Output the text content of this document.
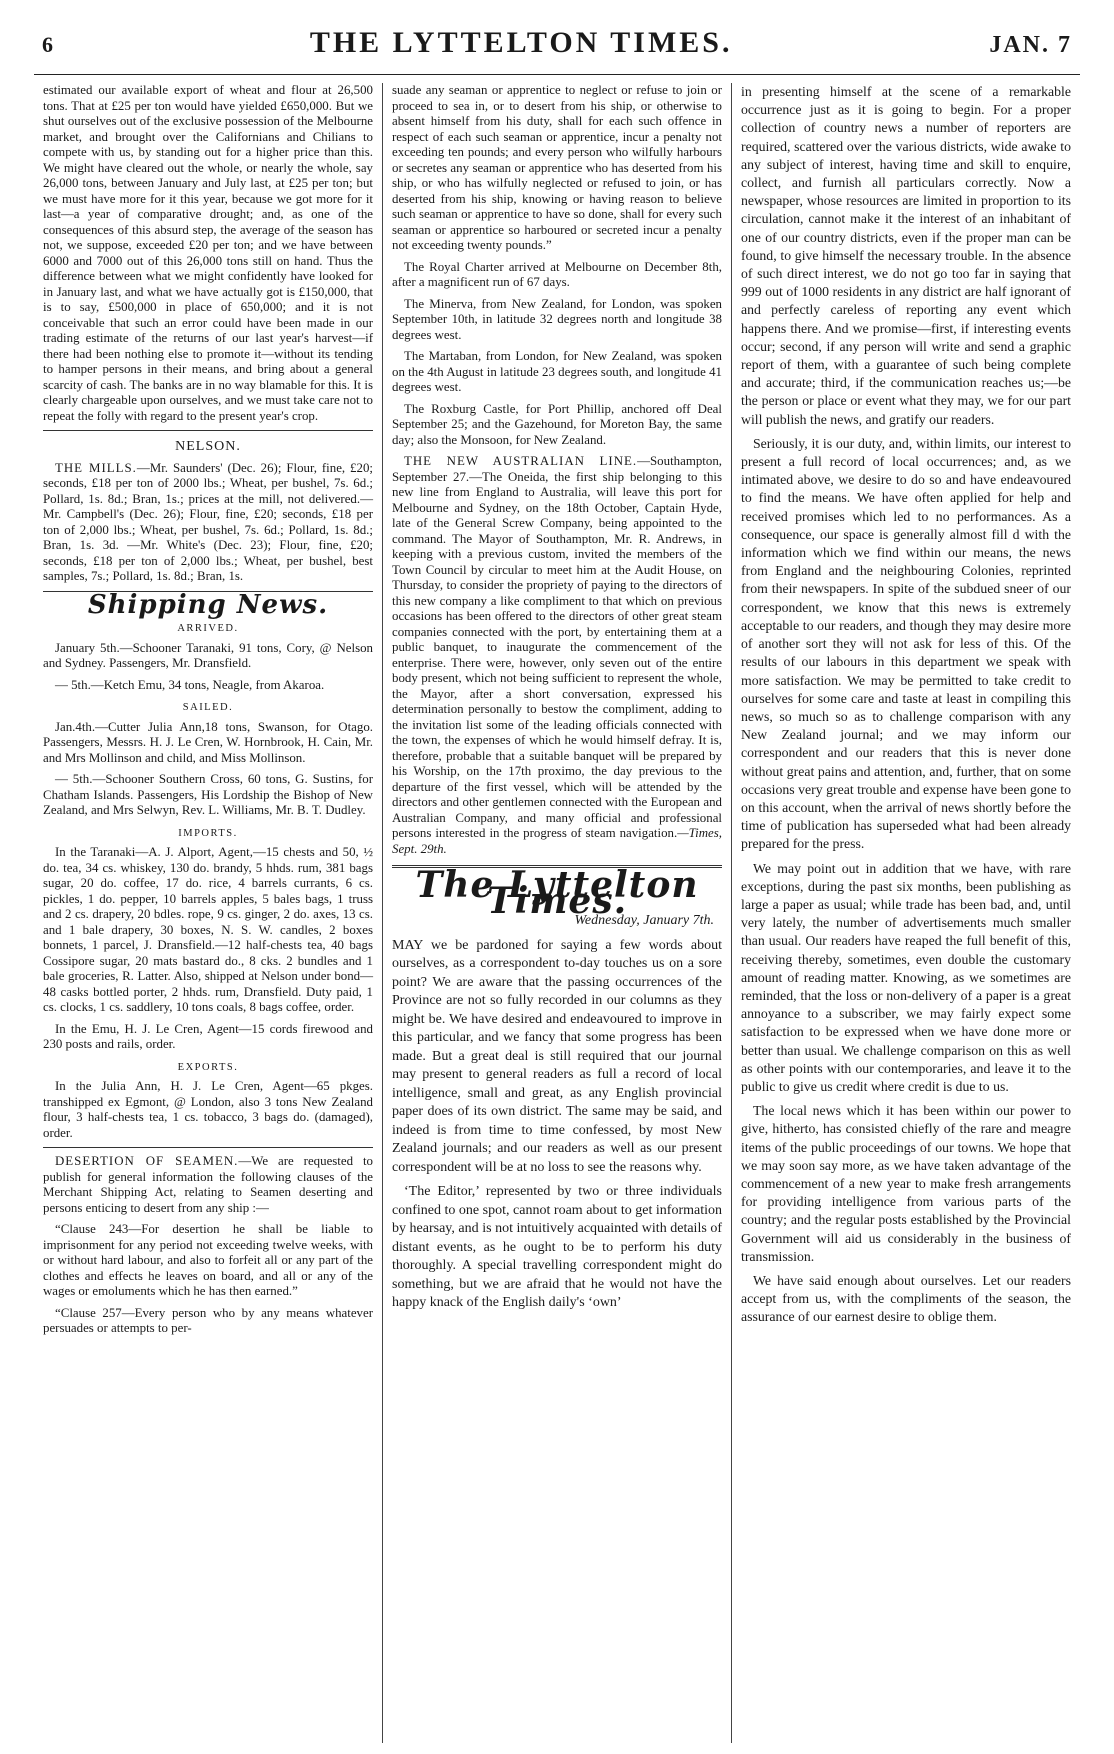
6	THE LYTTELTON TIMES.	JAN. 7

estimated our available export of wheat and flour at 26,500 tons. That at £25 per ton would have yielded £650,000. But we shut ourselves out of the exclusive possession of the Melbourne market, and brought over the Californians and Chilians to compete with us, by standing out for a higher price than this. We might have cleared out the whole, or nearly the whole, say 26,000 tons, between January and July last, at £25 per ton; but we must have more for it this year, because we got more for it last—a year of comparative drought; and, as one of the consequences of this absurd step, the average of the season has not, we suppose, exceeded £20 per ton; and we have between 6000 and 7000 out of this 26,000 tons still on hand. Thus the difference between what we might confidently have looked for in January last, and what we have actually got is £150,000, that is to say, £500,000 in place of 650,000; and it is not conceivable that such an error could have been made in our trading estimate of the returns of our last year's harvest—if there had been nothing else to promote it—without its tending to hamper persons in their means, and bring about a general scarcity of cash. The banks are in no way blamable for this. It is clearly chargeable upon ourselves, and we must take care not to repeat the folly with regard to the present year's crop.

NELSON.

THE MILLS.—Mr. Saunders' (Dec. 26); Flour, fine, £20; seconds, £18 per ton of 2000 lbs.; Wheat, per bushel, 7s. 6d.; Pollard, 1s. 8d.; Bran, 1s.; prices at the mill, not delivered.—Mr. Campbell's (Dec. 26); Flour, fine, £20; seconds, £18 per ton of 2,000 lbs.; Wheat, per bushel, 7s. 6d.; Pollard, 1s. 8d.; Bran, 1s. 3d. —Mr. White's (Dec. 23); Flour, fine, £20; seconds, £18 per ton of 2,000 lbs.; Wheat, per bushel, best samples, 7s.; Pollard, 1s. 8d.; Bran, 1s.

Shipping News.
ARRIVED.

January 5th.—Schooner Taranaki, 91 tons, Cory, @ Nelson and Sydney. Passengers, Mr. Dransfield.

— 5th.—Ketch Emu, 34 tons, Neagle, from Akaroa.

SAILED.

Jan.4th.—Cutter Julia Ann,18 tons, Swanson, for Otago. Passengers, Messrs. H. J. Le Cren, W. Hornbrook, H. Cain, Mr. and Mrs Mollinson and child, and Miss Mollinson.

— 5th.—Schooner Southern Cross, 60 tons, G. Sustins, for Chatham Islands. Passengers, His Lordship the Bishop of New Zealand, and Mrs Selwyn, Rev. L. Williams, Mr. B. T. Dudley.

IMPORTS.

In the Taranaki—A. J. Alport, Agent,—15 chests and 50, ½ do. tea, 34 cs. whiskey, 130 do. brandy, 5 hhds. rum, 381 bags sugar, 20 do. coffee, 17 do. rice, 4 barrels currants, 6 cs. pickles, 1 do. pepper, 10 barrels apples, 5 bales bags, 1 truss and 2 cs. drapery, 20 bdles. rope, 9 cs. ginger, 2 do. axes, 13 cs. and 1 bale drapery, 30 boxes, N. S. W. candles, 2 boxes bonnets, 1 parcel, J. Dransfield.—12 half-chests tea, 40 bags Cossipore sugar, 20 mats bastard do., 8 cks. 2 bundles and 1 bale groceries, R. Latter. Also, shipped at Nelson under bond—48 casks bottled porter, 2 hhds. rum, Dransfield. Duty paid, 1 cs. clocks, 1 cs. saddlery, 10 tons coals, 8 bags coffee, order.

In the Emu, H. J. Le Cren, Agent—15 cords firewood and 230 posts and rails, order.

EXPORTS.

In the Julia Ann, H. J. Le Cren, Agent—65 pkges. transhipped ex Egmont, @ London, also 3 tons New Zealand flour, 3 half-chests tea, 1 cs. tobacco, 3 bags do. (damaged), order.

DESERTION OF SEAMEN.—We are requested to publish for general information the following clauses of the Merchant Shipping Act, relating to Seamen deserting and persons enticing to desert from any ship :—

“Clause 243—For desertion he shall be liable to imprisonment for any period not exceeding twelve weeks, with or without hard labour, and also to forfeit all or any part of the clothes and effects he leaves on board, and all or any of the wages or emoluments which he has then earned.”

“Clause 257—Every person who by any means whatever persuades or attempts to per-

suade any seaman or apprentice to neglect or refuse to join or proceed to sea in, or to desert from his ship, or otherwise to absent himself from his duty, shall for each such offence in respect of each such seaman or apprentice, incur a penalty not exceeding ten pounds; and every person who wilfully harbours or secretes any seaman or apprentice who has deserted from his ship, or who has wilfully neglected or refused to join, or has deserted from his ship, knowing or having reason to believe such seaman or apprentice to have so done, shall for every such seaman or apprentice so harboured or secreted incur a penalty not exceeding twenty pounds.”

The Royal Charter arrived at Melbourne on December 8th, after a magnificent run of 67 days.

The Minerva, from New Zealand, for London, was spoken September 10th, in latitude 32 degrees north and longitude 38 degrees west.

The Martaban, from London, for New Zealand, was spoken on the 4th August in latitude 23 degrees south, and longitude 41 degrees west.

The Roxburg Castle, for Port Phillip, anchored off Deal September 25; and the Gazehound, for Moreton Bay, the same day; also the Monsoon, for New Zealand.

THE NEW AUSTRALIAN LINE.—Southampton, September 27.—The Oneida, the first ship belonging to this new line from England to Australia, will leave this port for Melbourne and Sydney, on the 18th October, Captain Hyde, late of the General Screw Company, being appointed to the command. The Mayor of Southampton, Mr. R. Andrews, in keeping with a previous custom, invited the members of the Town Council by circular to meet him at the Audit House, on Thursday, to consider the propriety of paying to the directors of this new company a like compliment to that which on previous occasions has been offered to the directors of other great steam companies connected with the port, by entertaining them at a public banquet, to inaugurate the commencement of the enterprise. There were, however, only seven out of the entire body present, which not being sufficient to represent the whole, the Mayor, after a short conversation, expressed his determination personally to bestow the compliment, adding to the invitation list some of the leading officials connected with the town, the expenses of which he would himself defray. It is, therefore, probable that a suitable banquet will be prepared by his Worship, on the 17th proximo, the day previous to the departure of the first vessel, which will be attended by the directors and other gentlemen connected with the European and Australian Company, and many official and professional persons interested in the progress of steam navigation.—Times, Sept. 29th.

The Lyttelton Times.
Wednesday, January 7th.

MAY we be pardoned for saying a few words about ourselves, as a correspondent to-day touches us on a sore point? We are aware that the passing occurrences of the Province are not so fully recorded in our columns as they might be. We have desired and endeavoured to improve in this particular, and we fancy that some progress has been made. But a great deal is still required that our journal may present to general readers as full a record of local intelligence, small and great, as any English provincial paper does of its own district. The same may be said, and indeed is from time to time confessed, by most New Zealand journals; and our readers as well as our present correspondent will be at no loss to see the reasons why.

‘The Editor,’ represented by two or three individuals confined to one spot, cannot roam about to get information by hearsay, and is not intuitively acquainted with details of distant events, as he ought to be to perform his duty thoroughly. A special travelling correspondent might do something, but we are afraid that he would not have the happy knack of the English daily's ‘own’

in presenting himself at the scene of a remarkable occurrence just as it is going to begin. For a proper collection of country news a number of reporters are required, scattered over the various districts, wide awake to any subject of interest, having time and skill to enquire, collect, and furnish all particulars correctly. Now a newspaper, whose resources are limited in proportion to its circulation, cannot make it the interest of an inhabitant of one of our country districts, even if the proper man can be found, to give himself the necessary trouble. In the absence of such direct interest, we do not go too far in saying that 999 out of 1000 residents in any district are half ignorant of and perfectly careless of reporting any event which happens there. And we promise—first, if interesting events occur; second, if any person will write and send a graphic report of them, with a guarantee of such being complete and accurate; third, if the communication reaches us;—be the person or place or event what they may, we for our part will publish the news, and gratify our readers.

Seriously, it is our duty, and, within limits, our interest to present a full record of local occurrences; and, as we intimated above, we desire to do so and have endeavoured to find the means. We have often applied for help and received promises which led to no performances. As a consequence, our space is generally almost fill d with the information which we find within our means, the news from England and the neighbouring Colonies, reprinted from their newspapers. In spite of the subdued sneer of our correspondent, we know that this news is extremely acceptable to our readers, and though they may desire more of another sort they will not ask for less of this. Of the results of our labours in this department we speak with more satisfaction. We may be permitted to take credit to ourselves for some care and taste at least in compiling this news, so much so as to challenge comparison with any New Zealand journal; and we may inform our correspondent and our readers that this is never done without great pains and attention, and, further, that on some occasions very great trouble and expense have been gone to on this account, when the arrival of news shortly before the time of publication has superseded what had been already prepared for the press.

We may point out in addition that we have, with rare exceptions, during the past six months, been publishing as large a paper as usual; while trade has been bad, and, until very lately, the number of advertisements much smaller than usual. Our readers have reaped the full benefit of this, receiving thereby, sometimes, even double the customary amount of reading matter. Knowing, as we sometimes are reminded, that the loss or non-delivery of a paper is a great annoyance to a subscriber, we may fairly expect some satisfaction to be expressed when we have done more or better than usual. We challenge comparison on this as well as other points with our contemporaries, and leave it to the public to give us credit where credit is due to us.

The local news which it has been within our power to give, hitherto, has consisted chiefly of the rare and meagre items of the public proceedings of our towns. We hope that we may soon say more, as we have taken advantage of the commencement of a new year to make fresh arrangements for providing intelligence from various parts of the country; and the regular posts established by the Provincial Government will aid us considerably in the business of transmission.

We have said enough about ourselves. Let our readers accept from us, with the compliments of the season, the assurance of our earnest desire to oblige them.
